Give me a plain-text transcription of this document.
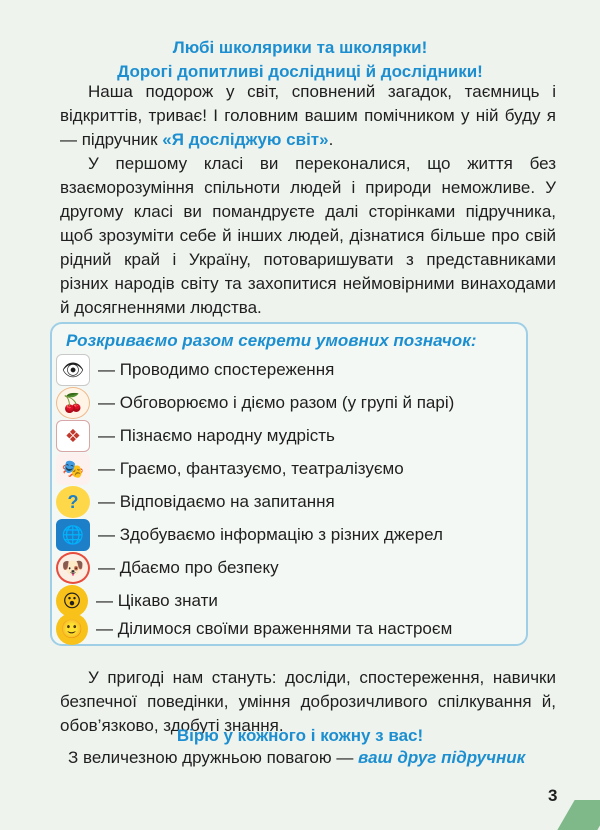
Любі школярики та школярки!

Дорогі допитливі дослідниці й дослідники!

Наша подорож у світ, сповнений загадок, таємниць і відкриттів, триває! І головним вашим помічником у ній буду я — підручник «Я досліджую світ».

У першому класі ви переконалися, що життя без взаєморозуміння спільноти людей і природи неможливе. У другому класі ви помандруєте далі сторінками підручника, щоб зрозуміти себе й інших людей, дізнатися більше про свій рідний край і Україну, потоваришувати з представниками різних народів світу та захопитися неймовірними винаходами й досягненнями людства.

Розкриваємо разом секрети умовних позначок:

👁 — Проводимо спостереження
🍒 — Обговорюємо і діємо разом (у групі й парі)
❖ — Пізнаємо народну мудрість
🎭 — Граємо, фантазуємо, театралізуємо
?	— Відповідаємо на запитання
🌐 — Здобуваємо інформацію з різних джерел
🐶 — Дбаємо про безпеку
😮 — Цікаво знати
🙂 — Ділимося своїми враженнями та настроєм

У пригоді нам стануть: досліди, спостереження, навички безпечної поведінки, уміння доброзичливого спілкування й, обов’язково, здобуті знання.

Вірю у кожного і кожну з вас!

З величезною дружньою повагою — ваш друг підручник

3
